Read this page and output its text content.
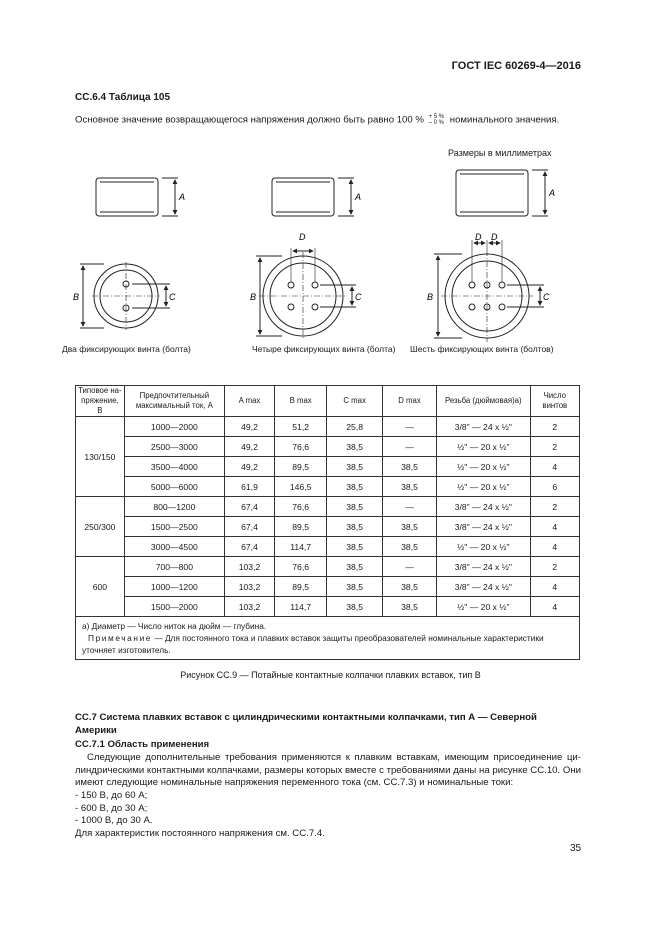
ГОСТ IEC 60269-4—2016
СС.6.4 Таблица 105
Основное значение возвращающегося напряжения должно быть равно 100 % + 5 %
– 0 % номинального значения.
Размеры в миллиметрах
A	A	A
B	C
D
B	C
D D
B	C
Два фиксирующих винта (болта)	Четыре фиксирующих винта (болта) Шесть фиксирующих винта (болтов)
Типовое напряжение, В	Предпочтительный максимальный ток, А	A max	B max	C max	D max	Резьба (дюймовая)а)	Число винтов
130/150	1000—2000	49,2	51,2	25,8	—	3/8" — 24 x ½"	2
	2500—3000	49,2	76,6	38,5	—	½" — 20 x ½"	2
	3500—4000	49,2	89,5	38,5	38,5	½" — 20 x ½"	4
	5000—6000	61,9	146,5	38,5	38,5	½" — 20 x ½"	6
250/300	800—1200	67,4	76,6	38,5	—	3/8" — 24 x ½"	2
	1500—2500	67,4	89,5	38,5	38,5	3/8" — 24 x ½"	4
	3000—4500	67,4	114,7	38,5	38,5	½" — 20 x ½"	4
600	700—800	103,2	76,6	38,5	—	3/8" — 24 x ½"	2
	1000—1200	103,2	89,5	38,5	38,5	3/8" — 24 x ½"	4
	1500—2000	103,2	114,7	38,5	38,5	½" — 20 x ½"	4

а) Диаметр — Число ниток на дюйм — глубина.
Примечание — Для постоянного тока и плавких вставок защиты преобразователей номинальные характеристики уточняет изготовитель.							
Рисунок СС.9 — Потайные контактные колпачки плавких вставок, тип В
СС.7 Система плавких вставок с цилиндрическими контактными колпачками, тип А — Северной Америки
СС.7.1 Область применения
Следующие дополнительные требования применяются к плавким вставкам, имеющим присоединение цилиндрическими контактными колпачками, размеры которых вместе с требованиями даны на рисунке СС.10. Они имеют следующие номинальные напряжения переменного тока (см. СС.7.3) и номинальные токи:
- 150 В, до 60 А;
- 600 В, до 30 А;
- 1000 В, до 30 А.
Для характеристик постоянного напряжения см. СС.7.4.
35
